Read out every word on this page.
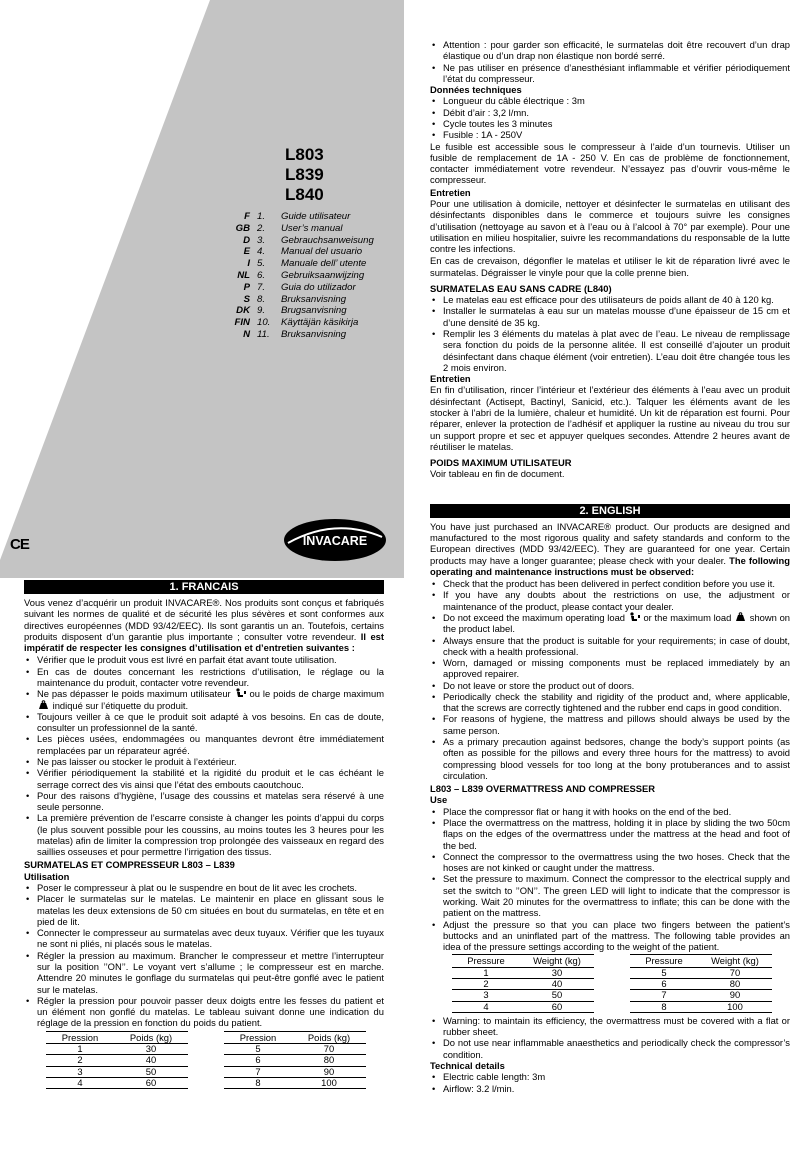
L803
L839
L840
F 1.	Guide utilisateur
GB 2.	User’s manual
D 3.	Gebrauchsanweisung
E 4.	Manual del usuario
I 5.	Manuale dell’ utente
NL 6.	Gebruiksaanwijzing
P 7.	Guia do utilizador
S 8.	Bruksanvisning
DK 9.	Brugsanvisning
FIN 10.	Käyttäjän käsikirja
N 11.	Bruksanvisning
INVACARE
CE
1. FRANCAIS

Vous venez d’acquérir un produit INVACARE®. Nos produits sont conçus et fabriqués suivant les normes de qualité et de sécurité les plus sévères et sont conformes aux directives européennes (MDD 93/42/EEC). Ils sont garantis un an. Toutefois, certains produits disposent d’un garantie plus importante ; consulter votre revendeur. Il est impératif de respecter les consignes d’utilisation et d’entretien suivantes :

• Vérifier que le produit vous est livré en parfait état avant toute utilisation.
• En cas de doutes concernant les restrictions d’utilisation, le réglage ou la maintenance du produit, contacter votre revendeur.
• Ne pas dépasser le poids maximum utilisateur ou le poids de charge maximum  indiqué sur l’étiquette du produit.
• Toujours veiller à ce que le produit soit adapté à vos besoins. En cas de doute, consulter un professionnel de la santé.
• Les pièces usées, endommagées ou manquantes devront être immédiatement remplacées par un réparateur agréé.
• Ne pas laisser ou stocker le produit à l’extérieur.
• Vérifier périodiquement la stabilité et la rigidité du produit et le cas échéant le serrage correct des vis ainsi que l’état des embouts caoutchouc.
• Pour des raisons d’hygiène, l’usage des coussins et matelas sera réservé à une seule personne.
• La première prévention de l’escarre consiste à changer les points d’appui du corps (le plus souvent possible pour les coussins, au moins toutes les 3 heures pour les matelas) afin de limiter la compression trop prolongée des vaisseaux en regard des saillies osseuses et pour permettre l’irrigation des tissus.
SURMATELAS ET COMPRESSEUR L803 – L839
Utilisation
• Poser le compresseur à plat ou le suspendre en bout de lit avec les crochets.
• Placer le surmatelas sur le matelas. Le maintenir en place en glissant sous le matelas les deux extensions de 50 cm situées en bout du surmatelas, en tête et en pied de lit.
• Connecter le compresseur au surmatelas avec deux tuyaux. Vérifier que les tuyaux ne sont ni pliés, ni placés sous le matelas.
• Régler la pression au maximum. Brancher le compresseur et mettre l’interrupteur sur la position ’’ON’’. Le voyant vert s’allume ; le compresseur est en marche. Attendre 20 minutes le gonflage du surmatelas qui peut-être gonflé avec le patient sur le matelas.
• Régler la pression pour pouvoir passer deux doigts entre les fesses du patient et un élément non gonflé du matelas. Le tableau suivant donne une indication du réglage de la pression en fonction du poids du patient.
Pression	Poids (kg)
1	30
2	40
3	50
4	60
Pression	Poids (kg)
5	70
6	80
7	90
8	100
• Attention : pour garder son efficacité, le surmatelas doit être recouvert d’un drap élastique ou d’un drap non élastique non bordé serré.
• Ne pas utiliser en présence d’anesthésiant inflammable et vérifier périodiquement l’état du compresseur.
Données techniques
• Longueur du câble électrique : 3m
• Débit d’air : 3,2 l/mn.
• Cycle toutes les 3 minutes
• Fusible : 1A - 250V

Le fusible est accessible sous le compresseur à l’aide d’un tournevis. Utiliser un fusible de remplacement de 1A - 250 V. En cas de problème de fonctionnement, contacter immédiatement votre revendeur. N’essayez pas d’ouvrir vous-même le compresseur.

Entretien

Pour une utilisation à domicile, nettoyer et désinfecter le surmatelas en utilisant des désinfectants disponibles dans le commerce et toujours suivre les consignes d’utilisation (nettoyage au savon et à l’eau ou à l’alcool à 70° par exemple). Pour une utilisation en milieu hospitalier, suivre les recommandations du responsable de la lutte contre les infections.

En cas de crevaison, dégonfler le matelas et utiliser le kit de réparation livré avec le surmatelas. Dégraisser le vinyle pour que la colle prenne bien.

SURMATELAS EAU SANS CADRE (L840)
• Le matelas eau est efficace pour des utilisateurs de poids allant de 40 à 120 kg.
• Installer le surmatelas à eau sur un matelas mousse d’une épaisseur de 15 cm et d’une densité de 35 kg.
• Remplir les 3 éléments du matelas à plat avec de l’eau. Le niveau de remplissage sera fonction du poids de la personne alitée. Il est conseillé d’ajouter un produit désinfectant dans chaque élément (voir entretien). L’eau doit être changée tous les 2 mois environ.
Entretien

En fin d’utilisation, rincer l’intérieur et l’extérieur des éléments à l’eau avec un produit désinfectant (Actisept, Bactinyl, Sanicid, etc.). Talquer les éléments avant de les stocker à l’abri de la lumière, chaleur et humidité. Un kit de réparation est fourni. Pour réparer, enlever la protection de l’adhésif et appliquer la rustine au niveau du trou sur un support propre et sec et appuyer quelques secondes. Attendre 2 heures avant de réutiliser le matelas.

POIDS MAXIMUM UTILISATEUR

Voir tableau en fin de document.

2. ENGLISH

You have just purchased an INVACARE® product. Our products are designed and manufactured to the most rigorous quality and safety standards and conform to the European directives (MDD 93/42/EEC). They are guaranteed for one year. Certain products may have a longer guarantee; please check with your dealer. The following operating and maintenance instructions must be observed:

• Check that the product has been delivered in perfect condition before you use it.
• If you have any doubts about the restrictions on use, the adjustment or maintenance of the product, please contact your dealer.
• Do not exceed the maximum operating load or the maximum load shown on the product label.
• Always ensure that the product is suitable for your requirements; in case of doubt, check with a health professional.
• Worn, damaged or missing components must be replaced immediately by an approved repairer.
• Do not leave or store the product out of doors.
• Periodically check the stability and rigidity of the product and, where applicable, that the screws are correctly tightened and the rubber end caps in good condition.
• For reasons of hygiene, the mattress and pillows should always be used by the same person.
• As a primary precaution against bedsores, change the body’s support points (as often as possible for the pillows and every three hours for the mattress) to avoid compressing blood vessels for too long at the bony protuberances and to assist circulation.
L803 – L839 OVERMATTRESS AND COMPRESSER
Use
• Place the compressor flat or hang it with hooks on the end of the bed.
• Place the overmattress on the mattress, holding it in place by sliding the two 50cm flaps on the edges of the overmattress under the mattress at the head and foot of the bed.
• Connect the compressor to the overmattress using the two hoses. Check that the hoses are not kinked or caught under the mattress.
• Set the pressure to maximum. Connect the compressor to the electrical supply and set the switch to ’’ON’’. The green LED will light to indicate that the compressor is working. Wait 20 minutes for the overmattress to inflate; this can be done with the patient on the mattress.
• Adjust the pressure so that you can place two fingers between the patient’s buttocks and an uninflated part of the mattress. The following table provides an idea of the pressure settings according to the weight of the patient.
Pressure	Weight (kg)
1	30
2	40
3	50
4	60
Pressure	Weight (kg)
5	70
6	80
7	90
8	100
• Warning: to maintain its efficiency, the overmattress must be covered with a flat or rubber sheet.
• Do not use near inflammable anaesthetics and periodically check the compressor’s condition.
Technical details
• Electric cable length: 3m
• Airflow: 3.2 l/min.
